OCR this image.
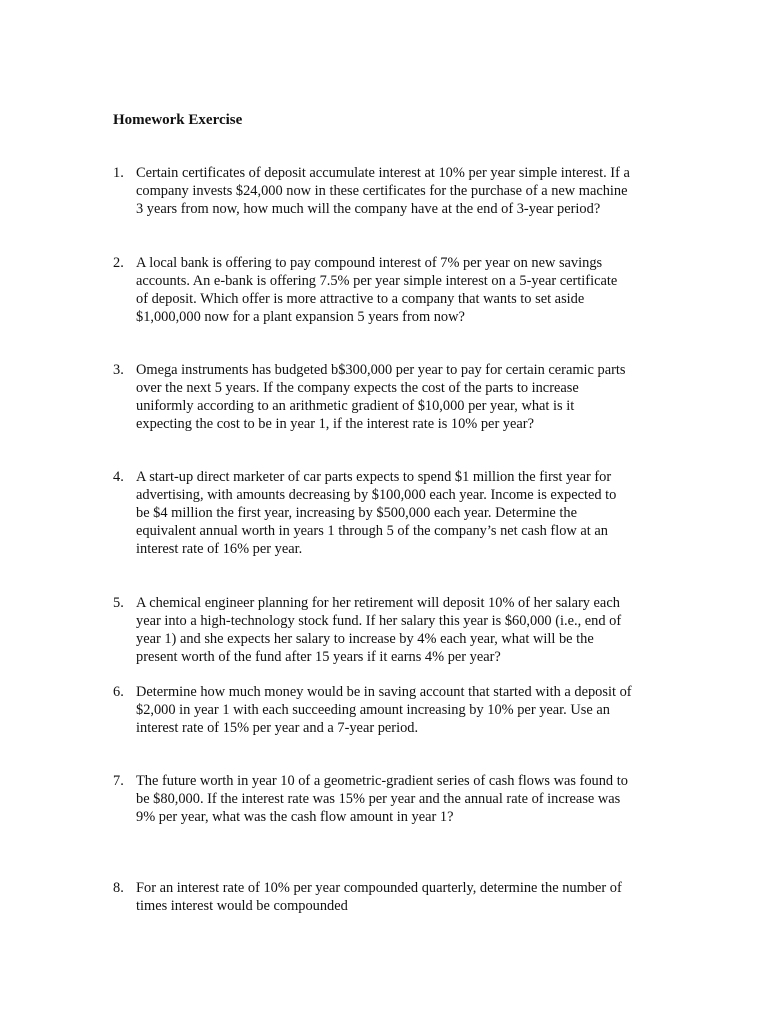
Homework Exercise
1. Certain certificates of deposit accumulate interest at 10% per year simple interest. If a
company invests $24,000 now in these certificates for the purchase of a new machine
3 years from now, how much will the company have at the end of 3-year period?
2. A local bank is offering to pay compound interest of 7% per year on new savings
accounts. An e-bank is offering 7.5% per year simple interest on a 5-year certificate
of deposit. Which offer is more attractive to a company that wants to set aside
$1,000,000 now for a plant expansion 5 years from now?
3. Omega instruments has budgeted b$300,000 per year to pay for certain ceramic parts
over the next 5 years. If the company expects the cost of the parts to increase
uniformly according to an arithmetic gradient of $10,000 per year, what is it
expecting the cost to be in year 1, if the interest rate is 10% per year?
4. A start-up direct marketer of car parts expects to spend $1 million the first year for
advertising, with amounts decreasing by $100,000 each year. Income is expected to
be $4 million the first year, increasing by $500,000 each year. Determine the
equivalent annual worth in years 1 through 5 of the company’s net cash flow at an
interest rate of 16% per year.
5. A chemical engineer planning for her retirement will deposit 10% of her salary each
year into a high-technology stock fund. If her salary this year is $60,000 (i.e., end of
year 1) and she expects her salary to increase by 4% each year, what will be the
present worth of the fund after 15 years if it earns 4% per year?
6. Determine how much money would be in saving account that started with a deposit of
$2,000 in year 1 with each succeeding amount increasing by 10% per year. Use an
interest rate of 15% per year and a 7-year period.
7. The future worth in year 10 of a geometric-gradient series of cash flows was found to
be $80,000. If the interest rate was 15% per year and the annual rate of increase was
9% per year, what was the cash flow amount in year 1?
8. For an interest rate of 10% per year compounded quarterly, determine the number of
times interest would be compounded
